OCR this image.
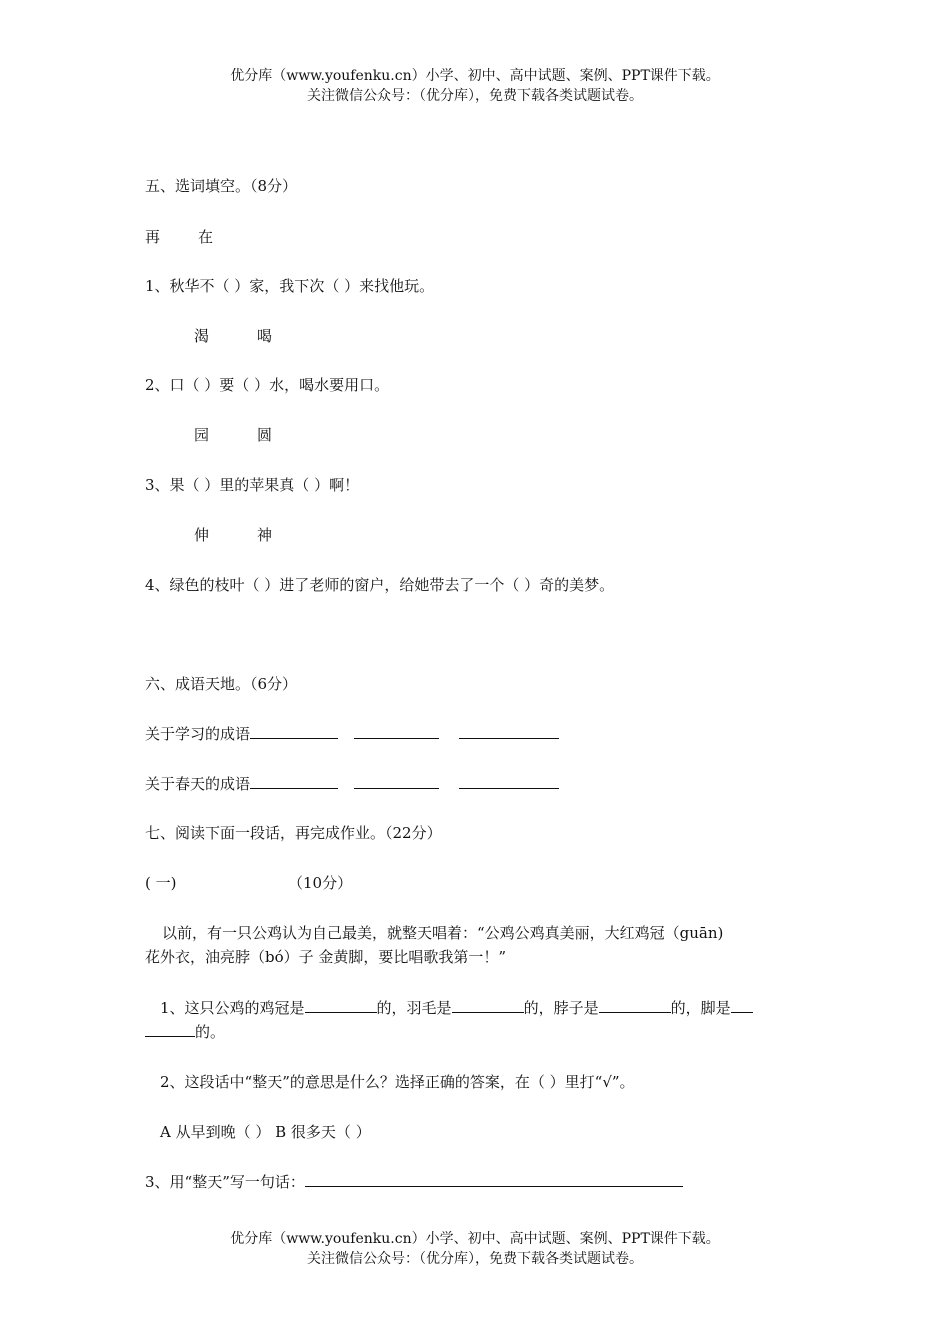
优分库（www.youfenku.cn）小学、初中、高中试题、案例、PPT课件下载。
关注微信公众号：（优分库），免费下载各类试题试卷。
五、选词填空。（8分）
再	在
1、秋华不（ ）家，我下次（ ）来找他玩。
渴	喝
2、口（ ）要（ ）水，喝水要用口。
园	圆
3、果（ ）里的苹果真（ ）啊！
伸	神
4、绿色的枝叶（ ）进了老师的窗户，给她带去了一个（ ）奇的美梦。
六、成语天地。（6分）
关于学习的成语
关于春天的成语
七、阅读下面一段话，再完成作业。（22分）
( 一)	（10分）
以前，有一只公鸡认为自己最美，就整天唱着：“公鸡公鸡真美丽，大红鸡冠（guān)
花外衣，油亮脖（bó）子 金黄脚，要比唱歌我第一！”
1、这只公鸡的鸡冠是	的，羽毛是	的，脖子是	的，脚是
的。
2、这段话中“整天”的意思是什么？选择正确的答案，在（ ）里打“√”。
A 从早到晚（ ） B 很多天（ ）
3、用“整天”写一句话：
优分库（www.youfenku.cn）小学、初中、高中试题、案例、PPT课件下载。
关注微信公众号：（优分库），免费下载各类试题试卷。
